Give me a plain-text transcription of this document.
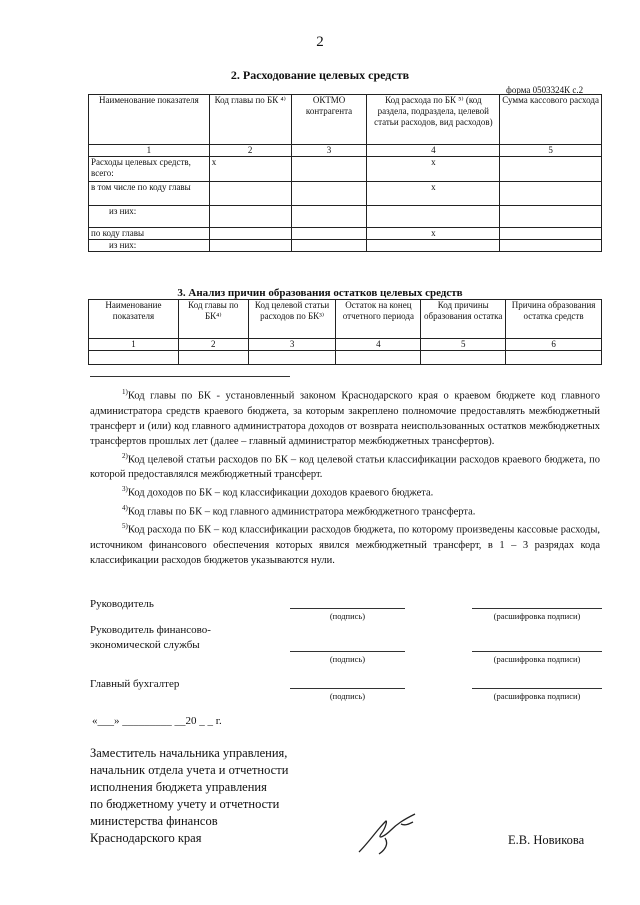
2
2. Расходование целевых средств
форма 0503324К с.2
Наименование показателя	Код главы по БК ⁴⁾	ОКТМО контрагента	Код расхода по БК ⁵⁾ (код раздела, подраздела, целевой статьи расходов, вид расходов)	Сумма кассового расхода
1	2	3	4	5
Расходы целевых средств, всего:	x		x	
в том числе по коду главы			x	
из них:				
по коду главы			x	
из них:				
3. Анализ причин образования остатков целевых средств
Наименование показателя	Код главы по БК⁴⁾	Код целевой статьи расходов по БК³⁾	Остаток на конец отчетного периода	Код причины образования остатка	Причина образования остатка средств
1	2	3	4	5	6

$^{1)}$Код главы по БК - установленный законом Краснодарского края о краевом бюджете код главного администратора средств краевого бюджета, за которым закреплено полномочие предоставлять межбюджетный трансферт и (или) код главного администратора доходов от возврата неиспользованных остатков межбюджетных трансфертов прошлых лет (далее – главный администратор межбюджетных трансфертов).

$^{2)}$Код целевой статьи расходов по БК – код целевой статьи классификации расходов краевого бюджета, по которой предоставлялся межбюджетный трансферт.

$^{3)}$Код доходов по БК – код классификации доходов краевого бюджета.

$^{4)}$Код главы по БК – код главного администратора межбюджетного трансферта.

$^{5)}$Код расхода по БК – код классификации расходов бюджета, по которому произведены кассовые расходы, источником финансового обеспечения которых явился межбюджетный трансферт, в 1 – 3 разрядах кода классификации расходов бюджетов указываются нули.

Руководитель
(подпись)	(расшифровка подписи)
Руководитель финансово-экономической службы
(подпись)	(расшифровка подписи)
Главный бухгалтер
(подпись)	(расшифровка подписи)
«___» _________ __20 _ _ г.
Заместитель начальника управления,
начальник отдела учета и отчетности
исполнения бюджета управления
по бюджетному учету и отчетности
министерства финансов
Краснодарского края	Е.В. Новикова
